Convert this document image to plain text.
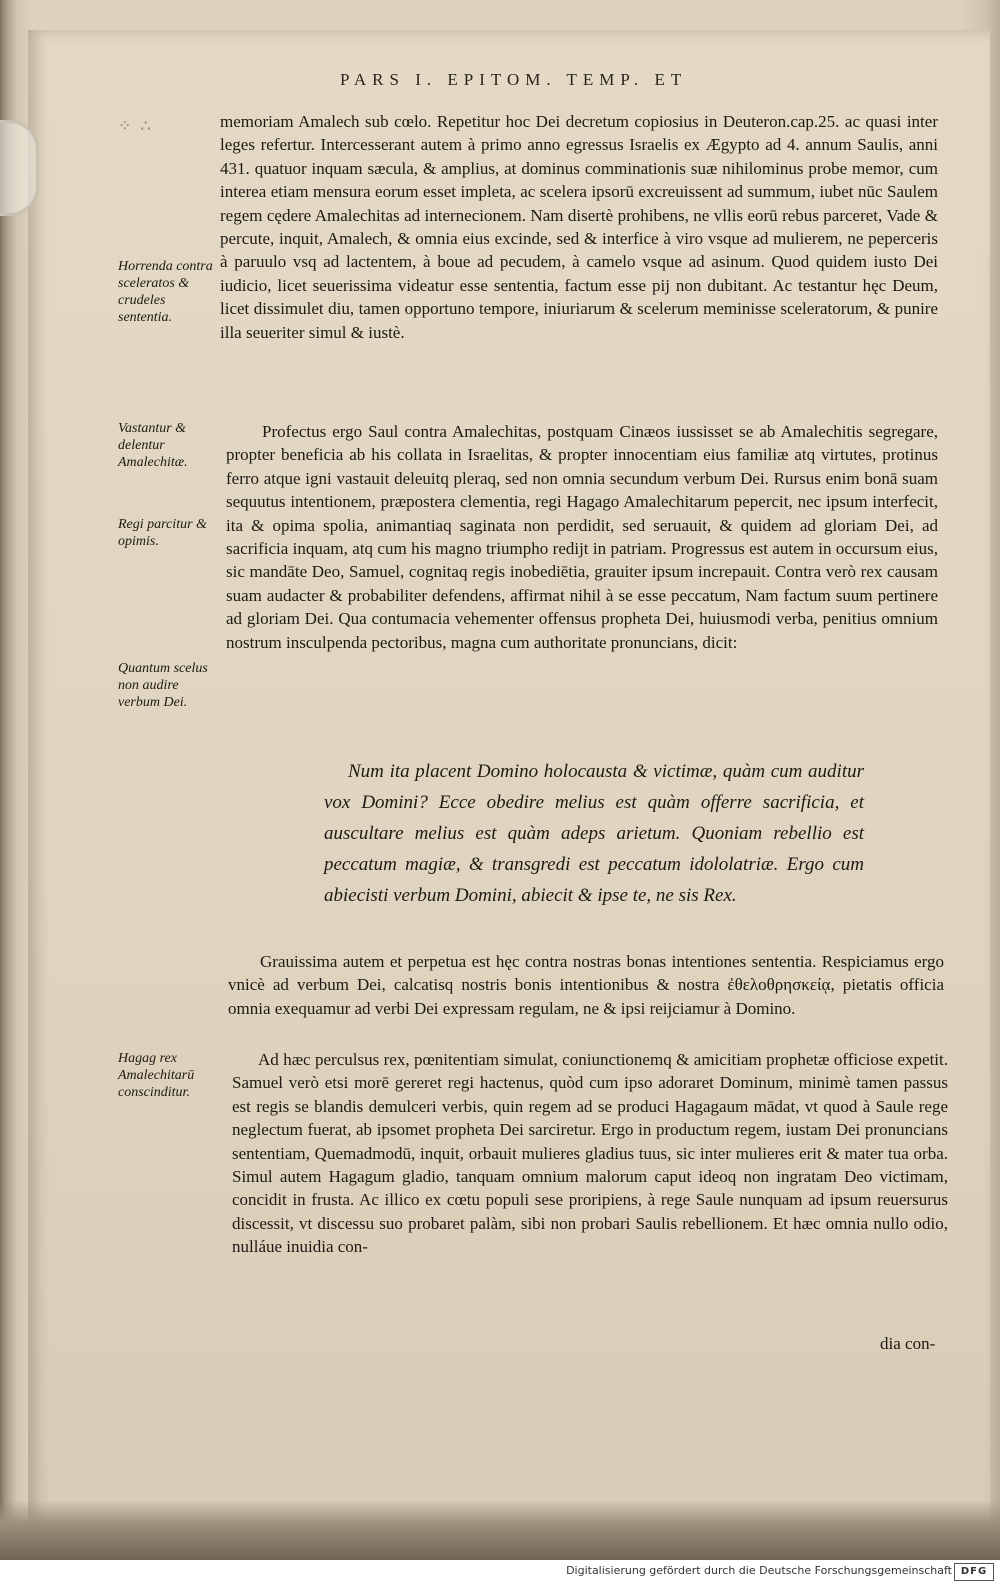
PARS I. EPITOM. TEMP. ET
⁘ ∴	memoriam Amalech sub cœlo. Repetitur hoc Dei decretum copiosius in Deuteron.cap.25. ac quasi inter leges refertur. Intercesserant autem à primo anno egressus Israelis ex Ægypto ad 4. annum Saulis, anni 431. quatuor inquam sæcula, & amplius, at dominus comminationis suæ nihilominus probe memor, cum interea etiam mensura eorum esset impleta, ac scelera ipsorū excreuissent ad summum, iubet nūc Saulem regem cędere Amalechitas ad internecionem. Nam disertè prohibens, ne vllis eorū rebus parceret, Vade & percute, inquit, Amalech, & omnia eius excinde, sed & interfice à viro vsque ad mulierem, ne peperceris à paruulo vsq ad lactentem, à boue ad pecudem, à camelo vsque ad asinum. Quod quidem iusto Dei iudicio, licet seuerissima videatur esse sententia, factum esse pij non dubitant. Ac testantur hęc Deum, licet dissimulet diu, tamen opportuno tempore, iniuriarum & scelerum meminisse sceleratorum, & punire illa seueriter simul & iustè.

Horrenda contra sceleratos & crudeles sententia.

Profectus ergo Saul contra Amalechitas, postquam Cinæos iussisset se ab Amalechitis segregare, propter beneficia ab his collata in Israelitas, & propter innocentiam eius familiæ atq virtutes, protinus ferro atque igni vastauit deleuitq pleraq, sed non omnia secundum verbum Dei. Rursus enim bonā suam sequutus intentionem, præpostera clementia, regi Hagago Amalechitarum pepercit, nec ipsum interfecit, ita & opima spolia, animantiaq saginata non perdidit, sed seruauit, & quidem ad gloriam Dei, ad sacrificia inquam, atq cum his magno triumpho redijt in patriam. Progressus est autem in occursum eius, sic mandāte Deo, Samuel, cognitaq regis inobediētia, grauiter ipsum increpauit. Contra verò rex causam suam audacter & probabiliter defendens, affirmat nihil à se esse peccatum, Nam factum suum pertinere ad gloriam Dei. Qua contumacia vehementer offensus propheta Dei, huiusmodi verba, penitius omnium nostrum insculpenda pectoribus, magna cum authoritate pronuncians, dicit:

Vastantur & delentur Amalechitæ.
Regi parcitur & opimis.
Quantum scelus non audire verbum Dei.

Num ita placent Domino holocausta & victimæ, quàm cum auditur vox Domini? Ecce obedire melius est quàm offerre sacrificia, et auscultare melius est quàm adeps arietum. Quoniam rebellio est peccatum magiæ, & transgredi est peccatum idololatriæ. Ergo cum abiecisti verbum Domini, abiecit & ipse te, ne sis Rex.

Grauissima autem et perpetua est hęc contra nostras bonas intentiones sententia. Respiciamus ergo vnicè ad verbum Dei, calcatisq nostris bonis intentionibus & nostra ἐθελοθρησκείᾳ, pietatis officia omnia exequamur ad verbi Dei expressam regulam, ne & ipsi reijciamur à Domino.

Hagag rex Amalechitarū conscinditur.

Ad hæc perculsus rex, pœnitentiam simulat, coniunctionemq & amicitiam prophetæ officiose expetit. Samuel verò etsi morē gereret regi hactenus, quòd cum ipso adoraret Dominum, minimè tamen passus est regis se blandis demulceri verbis, quin regem ad se produci Hagagaum mādat, vt quod à Saule rege neglectum fuerat, ab ipsomet propheta Dei sarciretur. Ergo in productum regem, iustam Dei pronuncians sententiam, Quemadmodū, inquit, orbauit mulieres gladius tuus, sic inter mulieres erit & mater tua orba. Simul autem Hagagum gladio, tanquam omnium malorum caput ideoq non ingratam Deo victimam, concidit in frusta. Ac illico ex cœtu populi sese proripiens, à rege Saule nunquam ad ipsum reuersurus discessit, vt discessu suo probaret palàm, sibi non probari Saulis rebellionem. Et hæc omnia nullo odio, nulláue inuidia con-

dia con-
Digitalisierung gefördert durch die Deutsche Forschungsgemeinschaft DFG
